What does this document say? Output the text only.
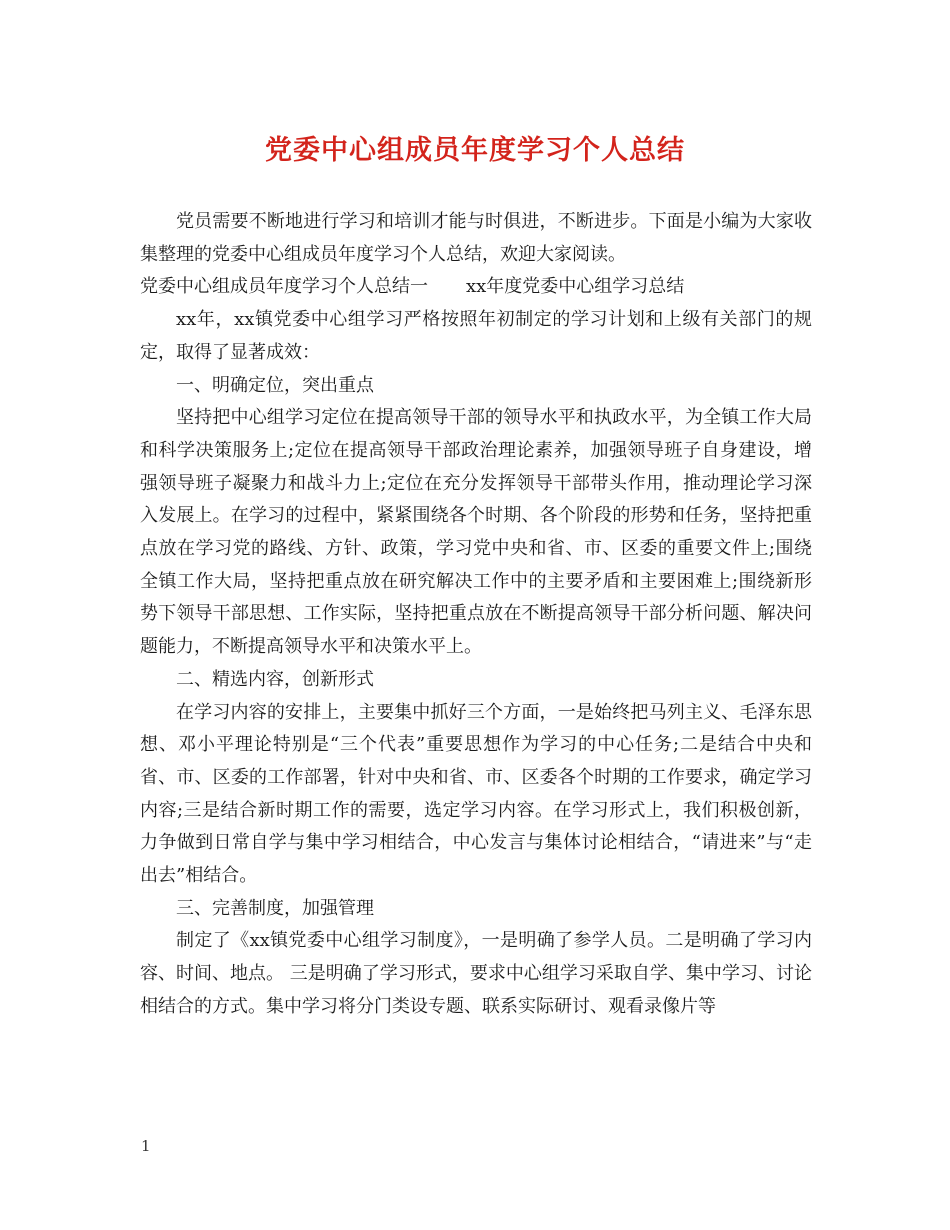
党委中心组成员年度学习个人总结

党员需要不断地进行学习和培训才能与时俱进，不断进步。下面是小编为大家收集整理的党委中心组成员年度学习个人总结，欢迎大家阅读。

党委中心组成员年度学习个人总结一 xx年度党委中心组学习总结

xx年，xx镇党委中心组学习严格按照年初制定的学习计划和上级有关部门的规定，取得了显著成效：

一、明确定位，突出重点

坚持把中心组学习定位在提高领导干部的领导水平和执政水平，为全镇工作大局和科学决策服务上;定位在提高领导干部政治理论素养，加强领导班子自身建设，增强领导班子凝聚力和战斗力上;定位在充分发挥领导干部带头作用，推动理论学习深入发展上。在学习的过程中，紧紧围绕各个时期、各个阶段的形势和任务，坚持把重点放在学习党的路线、方针、政策，学习党中央和省、市、区委的重要文件上;围绕全镇工作大局，坚持把重点放在研究解决工作中的主要矛盾和主要困难上;围绕新形势下领导干部思想、工作实际，坚持把重点放在不断提高领导干部分析问题、解决问题能力，不断提高领导水平和决策水平上。

二、精选内容，创新形式

在学习内容的安排上，主要集中抓好三个方面，一是始终把马列主义、毛泽东思想、邓小平理论特别是“三个代表”重要思想作为学习的中心任务;二是结合中央和省、市、区委的工作部署，针对中央和省、市、区委各个时期的工作要求，确定学习内容;三是结合新时期工作的需要，选定学习内容。在学习形式上，我们积极创新，力争做到日常自学与集中学习相结合，中心发言与集体讨论相结合，“请进来”与“走出去”相结合。

三、完善制度，加强管理

制定了《xx镇党委中心组学习制度》，一是明确了参学人员。二是明确了学习内容、时间、地点。 三是明确了学习形式，要求中心组学习采取自学、集中学习、讨论相结合的方式。集中学习将分门类设专题、联系实际研讨、观看录像片等

1
